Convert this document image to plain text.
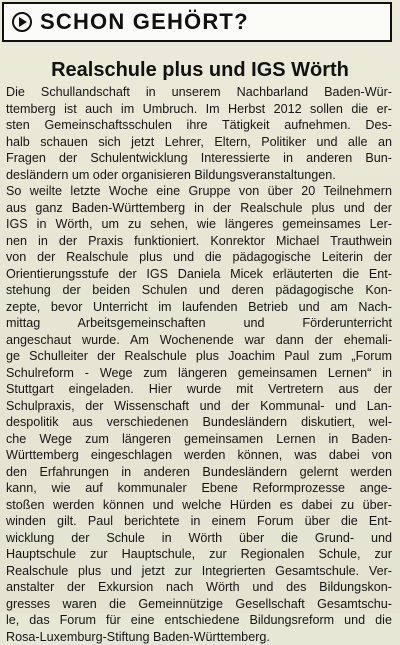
SCHON GEHÖRT?
Realschule plus und IGS Wörth
Die Schullandschaft in unserem Nachbarland Baden-Wür-
ttemberg ist auch im Umbruch. Im Herbst 2012 sollen die er-
sten Gemeinschaftsschulen ihre Tätigkeit aufnehmen. Des-
halb schauen sich jetzt Lehrer, Eltern, Politiker und alle an
Fragen der Schulentwicklung Interessierte in anderen Bun-
desländern um oder organisieren Bildungsveranstaltungen.
So weilte letzte Woche eine Gruppe von über 20 Teilnehmern
aus ganz Baden-Württemberg in der Realschule plus und der
IGS in Wörth, um zu sehen, wie längeres gemeinsames Ler-
nen in der Praxis funktioniert. Konrektor Michael Trauthwein
von der Realschule plus und die pädagogische Leiterin der
Orientierungsstufe der IGS Daniela Micek erläuterten die Ent-
stehung der beiden Schulen und deren pädagogische Kon-
zepte, bevor Unterricht im laufenden Betrieb und am Nach-
mittag Arbeitsgemeinschaften und Förderunterricht
angeschaut wurde. Am Wochenende war dann der ehemali-
ge Schulleiter der Realschule plus Joachim Paul zum „Forum
Schulreform - Wege zum längeren gemeinsamen Lernen“ in
Stuttgart eingeladen. Hier wurde mit Vertretern aus der
Schulpraxis, der Wissenschaft und der Kommunal- und Lan-
despolitik aus verschiedenen Bundesländern diskutiert, wel-
che Wege zum längeren gemeinsamen Lernen in Baden-
Württemberg eingeschlagen werden können, was dabei von
den Erfahrungen in anderen Bundesländern gelernt werden
kann, wie auf kommunaler Ebene Reformprozesse ange-
stoßen werden können und welche Hürden es dabei zu über-
winden gilt. Paul berichtete in einem Forum über die Ent-
wicklung der Schule in Wörth über die Grund- und
Hauptschule zur Hauptschule, zur Regionalen Schule, zur
Realschule plus und jetzt zur Integrierten Gesamtschule. Ver-
anstalter der Exkursion nach Wörth und des Bildungskon-
gresses waren die Gemeinnützige Gesellschaft Gesamtschu-
le, das Forum für eine entschiedene Bildungsreform und die
Rosa-Luxemburg-Stiftung Baden-Württemberg.
